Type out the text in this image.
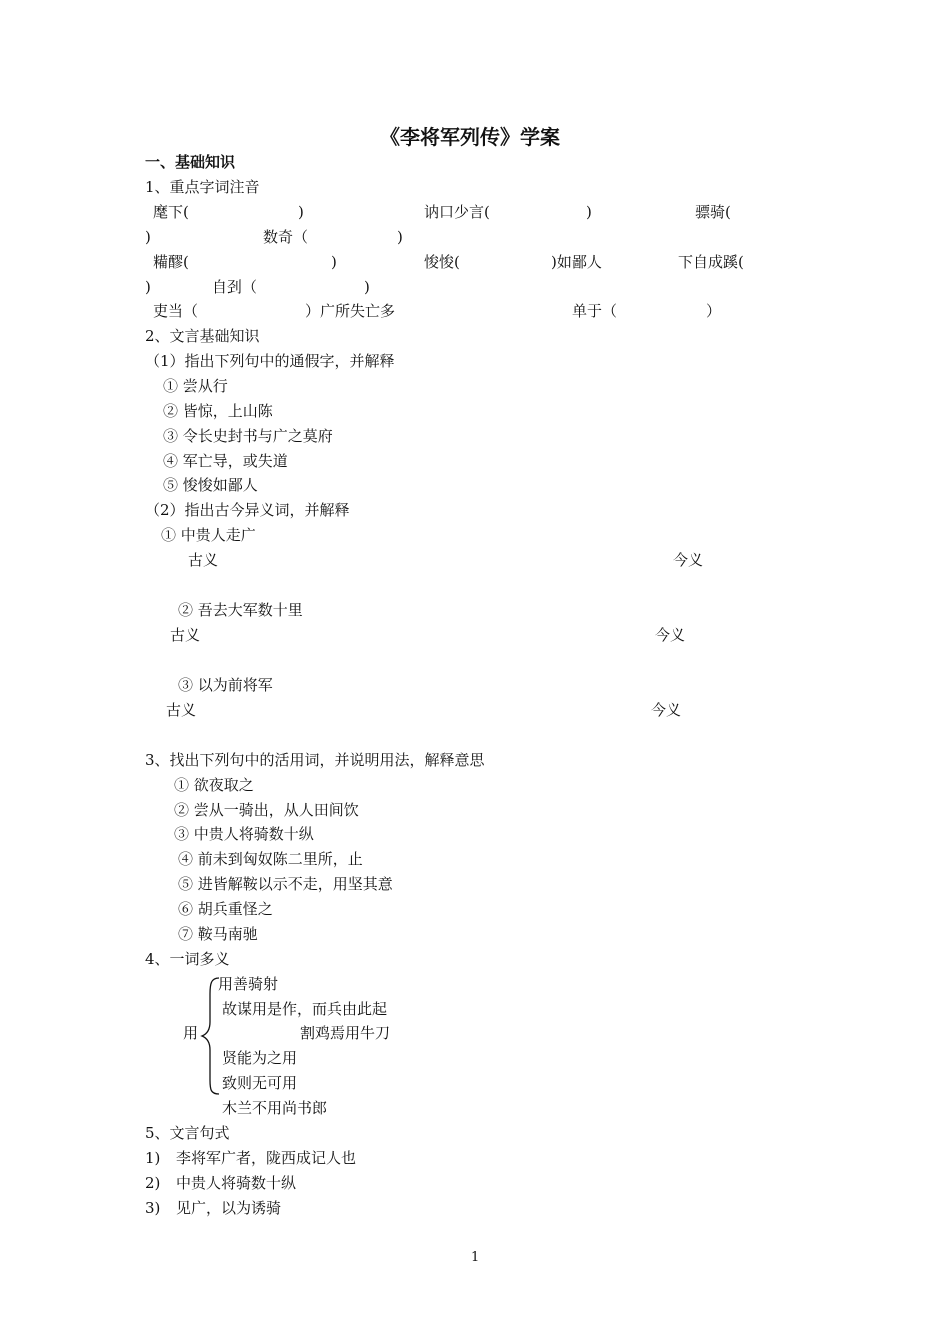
《李将军列传》学案
一、基础知识
1、重点字词注音
麾下(	)	讷口少言(	)	骠骑(
)	数奇（	)
糒醪(	)	悛悛(	)如鄙人	下自成蹊(
)	自刭（	)
吏当（	）广所失亡多	单于（	）
2、文言基础知识
（1）指出下列句中的通假字，并解释
① 尝从行
② 皆惊，上山陈
③ 令长史封书与广之莫府
④ 军亡导，或失道
⑤ 悛悛如鄙人
（2）指出古今异义词，并解释
① 中贵人走广
古义	今义
② 吾去大军数十里
古义	今义
③ 以为前将军
古义	今义
3、找出下列句中的活用词，并说明用法，解释意思
① 欲夜取之
② 尝从一骑出，从人田间饮
③ 中贵人将骑数十纵
④ 前未到匈奴陈二里所，止
⑤ 进皆解鞍以示不走，用坚其意
⑥ 胡兵重怪之
⑦ 鞍马南驰
4、一词多义
用
用善骑射
故谋用是作，而兵由此起
割鸡焉用牛刀
贤能为之用
致则无可用
木兰不用尚书郎
5、文言句式
1) 李将军广者，陇西成记人也
2) 中贵人将骑数十纵
3) 见广，以为诱骑
1
